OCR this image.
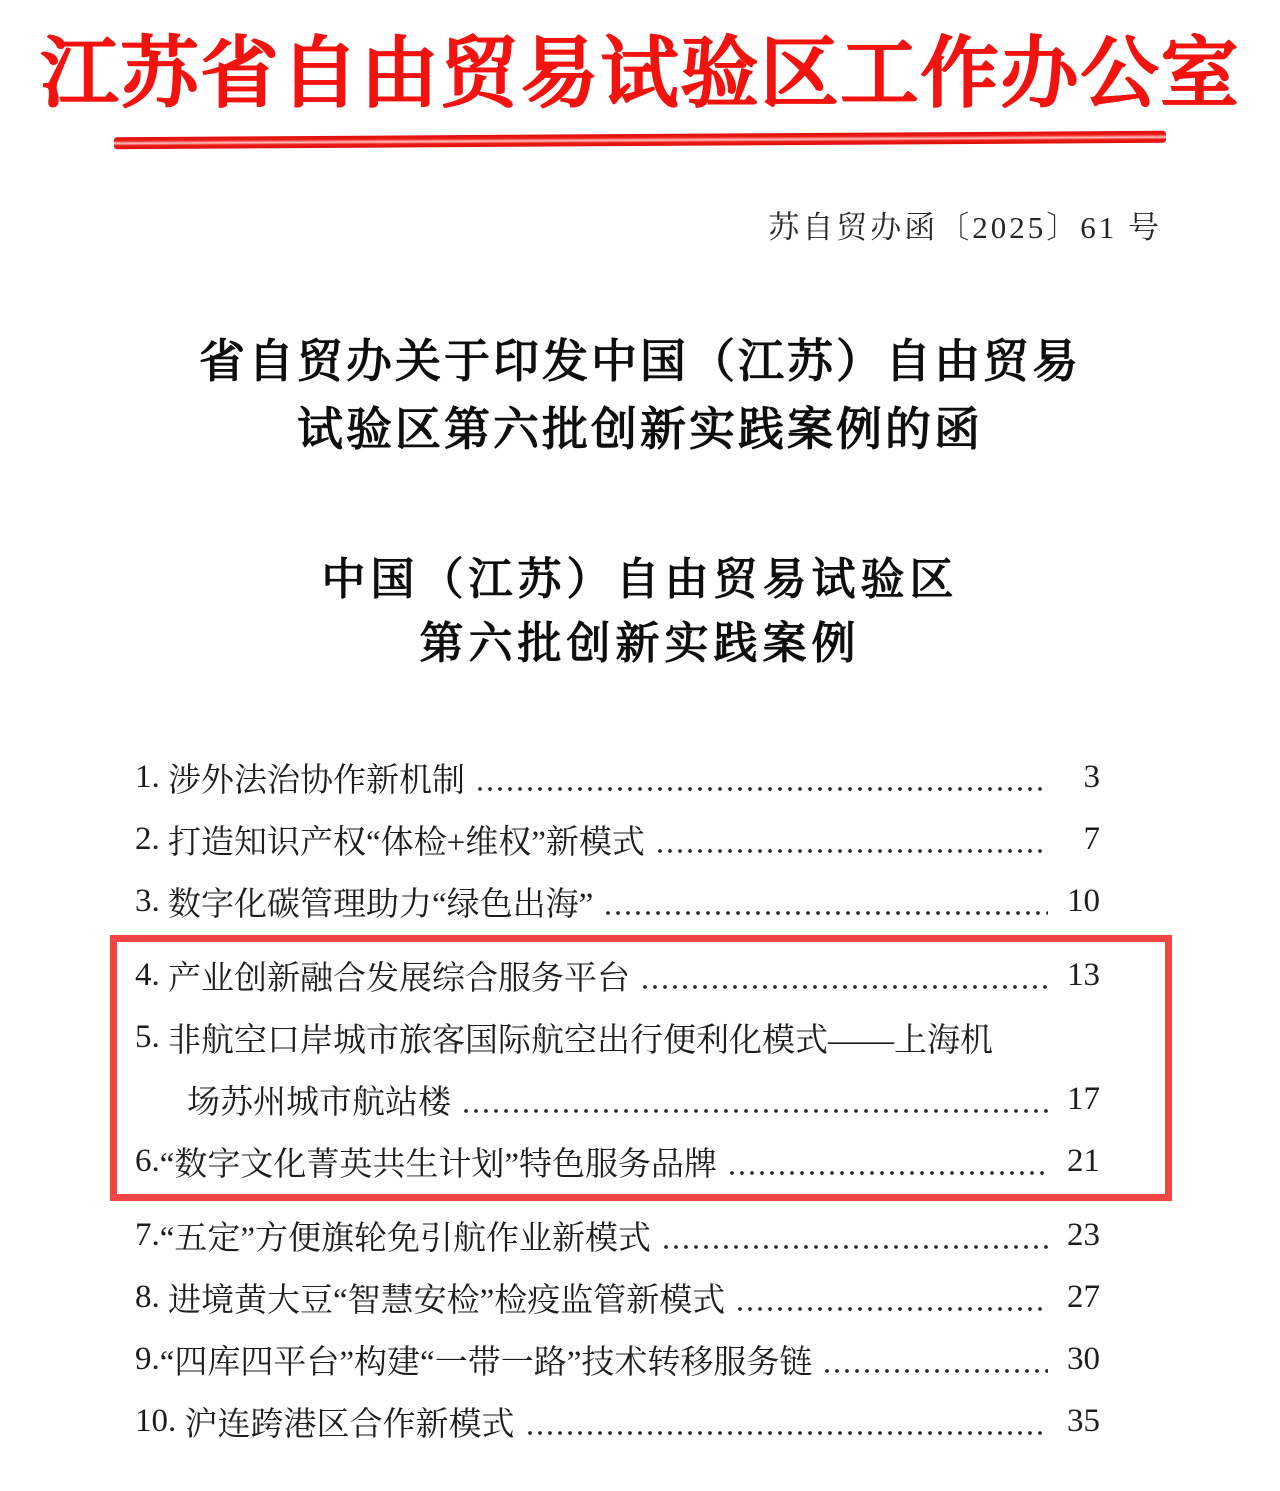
江苏省自由贸易试验区工作办公室
苏自贸办函〔2025〕61 号
省自贸办关于印发中国（江苏）自由贸易
试验区第六批创新实践案例的函
中国（江苏）自由贸易试验区
第六批创新实践案例
1. 涉外法治协作新机制	3
2. 打造知识产权“体检+维权”新模式	7
3. 数字化碳管理助力“绿色出海”	10
4. 产业创新融合发展综合服务平台	13
5. 非航空口岸城市旅客国际航空出行便利化模式——上海机
场苏州城市航站楼	17
6. “数字文化菁英共生计划”特色服务品牌	21
7. “五定”方便旗轮免引航作业新模式	23
8. 进境黄大豆“智慧安检”检疫监管新模式	27
9. “四库四平台”构建“一带一路”技术转移服务链	30
10. 沪连跨港区合作新模式	35
